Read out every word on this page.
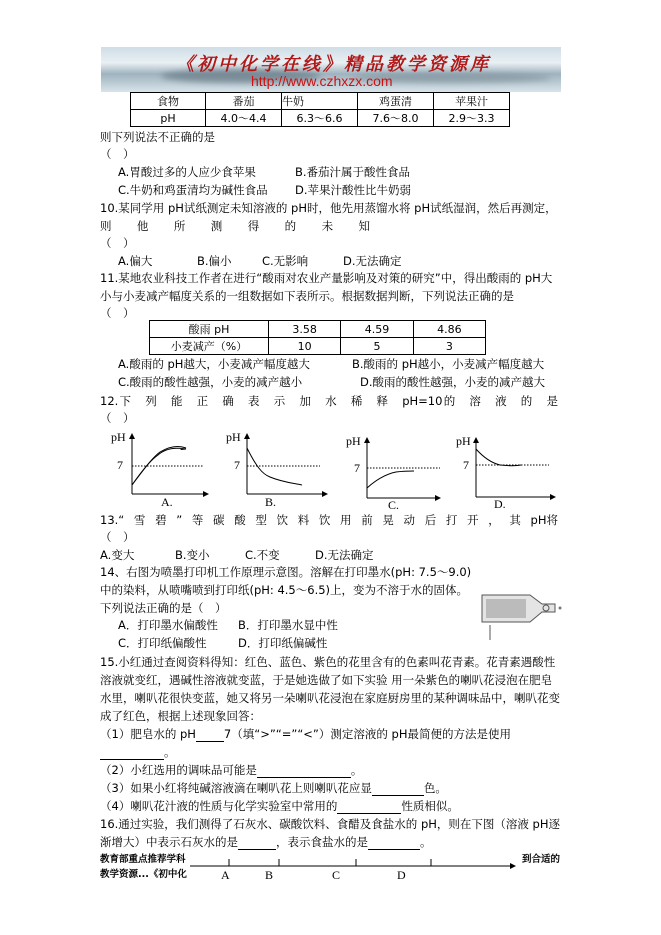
《初中化学在线》精品教学资源库
http://www.czhxzx.com
食物	番茄	牛奶	鸡蛋清	苹果汁
pH	4.0～4.4	6.3～6.6	7.6～8.0	2.9～3.3
则下列说法不正确的是
（　）
A.胃酸过多的人应少食苹果	B.番茄汁属于酸性食品
C.牛奶和鸡蛋清均为碱性食品 D.苹果汁酸性比牛奶弱
10.某同学用 pH试纸测定未知溶液的 pH时，他先用蒸馏水将 pH试纸湿润，然后再测定，
则 他 所 测 得 的 未 知
（　）
A.偏大	B.偏小	C.无影响	D.无法确定
11.某地农业科技工作者在进行“酸雨对农业产量影响及对策的研究”中，得出酸雨的 pH大
小与小麦减产幅度关系的一组数据如下表所示。根据数据判断，下列说法正确的是
（　）
酸雨 pH	3.58	4.59	4.86
小麦减产（%）	10	5	3
A.酸雨的 pH越大，小麦减产幅度越大	B.酸雨的 pH越小，小麦减产幅度越大
C.酸雨的酸性越强，小麦的减产越小	D.酸雨的酸性越强，小麦的减产越大
12.下 列 能 正 确 表 示 加 水 稀 释 pH=10的 溶 液 的 是
（　）
pH
7
A.
pH
7
B.
pH
7
C.
pH
7
D.
A	B	C	D
13.“ 雪 碧 ” 等 碳 酸 型 饮 料 饮 用 前 晃 动 后 打 开 ， 其 pH将
（　）
A.变大	B.变小	C.不变	D.无法确定
14、右图为喷墨打印机工作原理示意图。溶解在打印墨水(pH: 7.5～9.0)
中的染料，从喷嘴喷到打印纸(pH: 4.5～6.5)上，变为不溶于水的固体。
下列说法正确的是（　）
A．打印墨水偏酸性 B．打印墨水显中性
C．打印纸偏酸性	D．打印纸偏碱性
15.小红通过查阅资料得知：红色、蓝色、紫色的花里含有的色素叫花青素。花青素遇酸性
溶液就变红，遇碱性溶液就变蓝，于是她选做了如下实验 用一朵紫色的喇叭花浸泡在肥皂
水里，喇叭花很快变蓝，她又将另一朵喇叭花浸泡在家庭厨房里的某种调味品中，喇叭花变
成了红色，根据上述现象回答：
（1）肥皂水的 pH 7（填“>”“=”“<”）测定溶液的 pH最简便的方法是使用
。
（2）小红选用的调味品可能是	。
（3）如果小红将纯碱溶液滴在喇叭花上则喇叭花应显	色。
（4）喇叭花汁液的性质与化学实验室中常用的	性质相似。
16.通过实验，我们测得了石灰水、碳酸饮料、食醋及食盐水的 pH，则在下图（溶液 pH逐
渐增大）中表示石灰水的是	，表示食盐水的是	。
教育部重点推荐学科
教学资源...《初中化
到合适的
